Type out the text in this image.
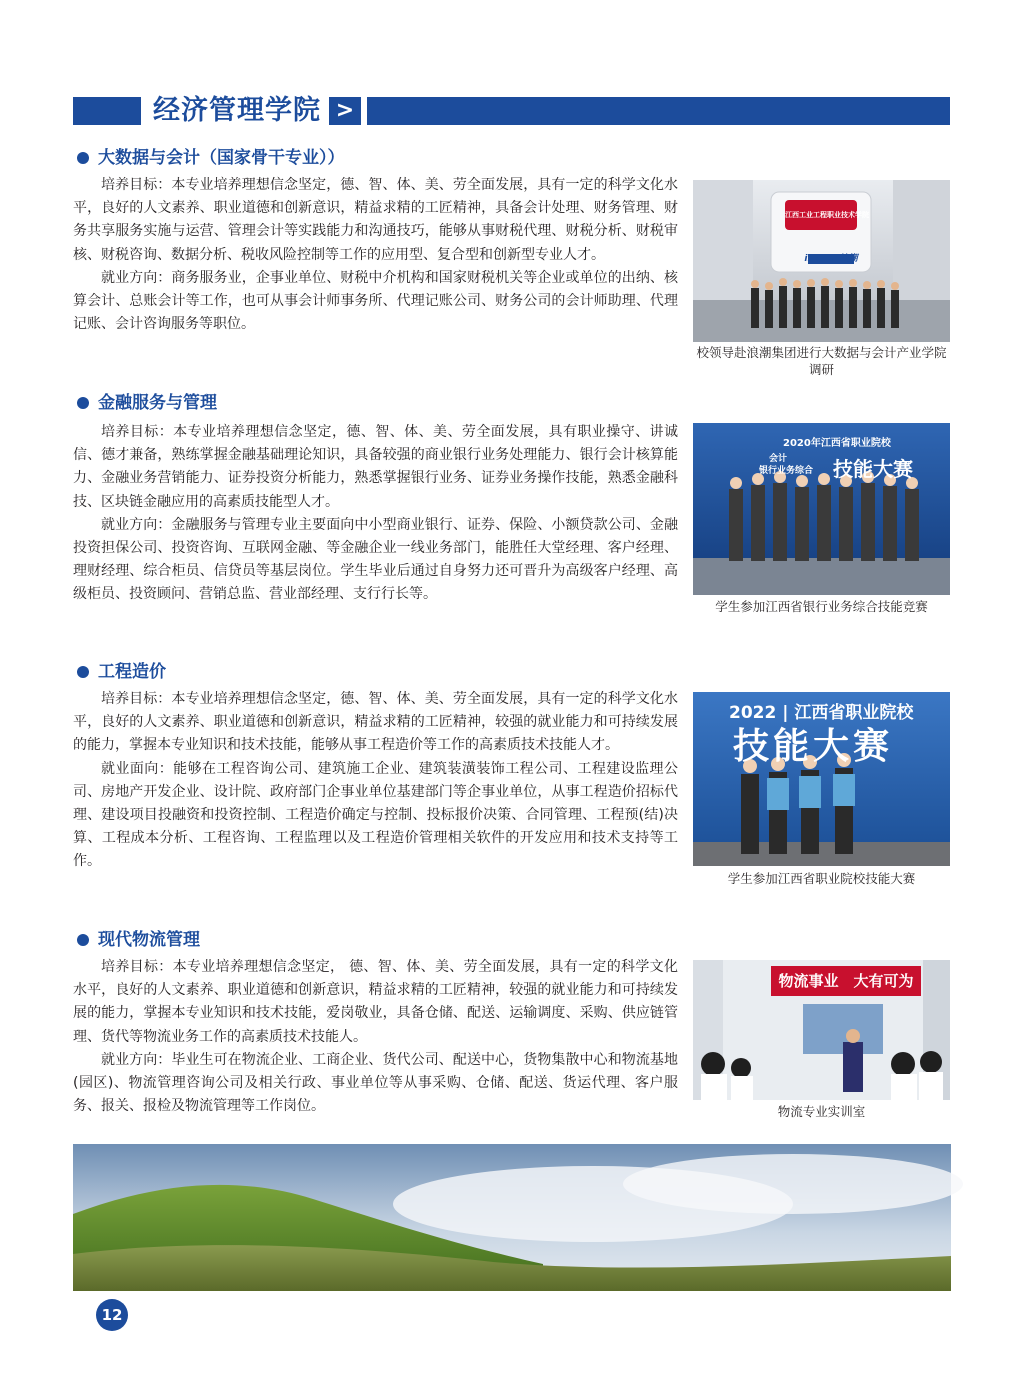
经济管理学院 >
大数据与会计（国家骨干专业））

培养目标：本专业培养理想信念坚定，德、智、体、美、劳全面发展，具有一定的科学文化水平，良好的人文素养、职业道德和创新意识，精益求精的工匠精神，具备会计处理、财务管理、财务共享服务实施与运营、管理会计等实践能力和沟通技巧，能够从事财税代理、财税分析、财税审核、财税咨询、数据分析、税收风险控制等工作的应用型、复合型和创新型专业人才。

就业方向：商务服务业，企事业单位、财税中介机构和国家财税机关等企业或单位的出纳、核算会计、总账会计等工作，也可从事会计师事务所、代理记账公司、财务公司的会计师助理、代理记账、会计咨询服务等职位。

江西工业工程职业技术学院
inspur 浪潮
校领导赴浪潮集团进行大数据与会计产业学院调研
金融服务与管理

培养目标：本专业培养理想信念坚定，德、智、体、美、劳全面发展，具有职业操守、讲诚信、德才兼备，熟练掌握金融基础理论知识，具备较强的商业银行业务处理能力、银行会计核算能力、金融业务营销能力、证券投资分析能力，熟悉掌握银行业务、证券业务操作技能，熟悉金融科技、区块链金融应用的高素质技能型人才。

就业方向：金融服务与管理专业主要面向中小型商业银行、证券、保险、小额贷款公司、金融投资担保公司、投资咨询、互联网金融、等金融企业一线业务部门，能胜任大堂经理、客户经理、理财经理、综合柜员、信贷员等基层岗位。学生毕业后通过自身努力还可晋升为高级客户经理、高级柜员、投资顾问、营销总监、营业部经理、支行行长等。

2020年江西省职业院校
会计
银行业务综合 技能大赛
学生参加江西省银行业务综合技能竞赛
工程造价

培养目标：本专业培养理想信念坚定，德、智、体、美、劳全面发展，具有一定的科学文化水平，良好的人文素养、职业道德和创新意识，精益求精的工匠精神，较强的就业能力和可持续发展的能力，掌握本专业知识和技术技能，能够从事工程造价等工作的高素质技术技能人才。

就业面向：能够在工程咨询公司、建筑施工企业、建筑装潢装饰工程公司、工程建设监理公司、房地产开发企业、设计院、政府部门企事业单位基建部门等企事业单位，从事工程造价招标代理、建设项目投融资和投资控制、工程造价确定与控制、投标报价决策、合同管理、工程预(结)决算、工程成本分析、工程咨询、工程监理以及工程造价管理相关软件的开发应用和技术支持等工作。

2022 | 江西省职业院校
技能大赛
学生参加江西省职业院校技能大赛
现代物流管理

培养目标：本专业培养理想信念坚定， 德、智、体、美、劳全面发展，具有一定的科学文化水平，良好的人文素养、职业道德和创新意识，精益求精的工匠精神，较强的就业能力和可持续发展的能力，掌握本专业知识和技术技能，爱岗敬业，具备仓储、配送、运输调度、采购、供应链管理、货代等物流业务工作的高素质技术技能人。

就业方向：毕业生可在物流企业、工商企业、货代公司、配送中心，货物集散中心和物流基地(园区)、物流管理咨询公司及相关行政、事业单位等从事采购、仓储、配送、货运代理、客户服务、报关、报检及物流管理等工作岗位。

物流事业　大有可为
物流专业实训室
12
